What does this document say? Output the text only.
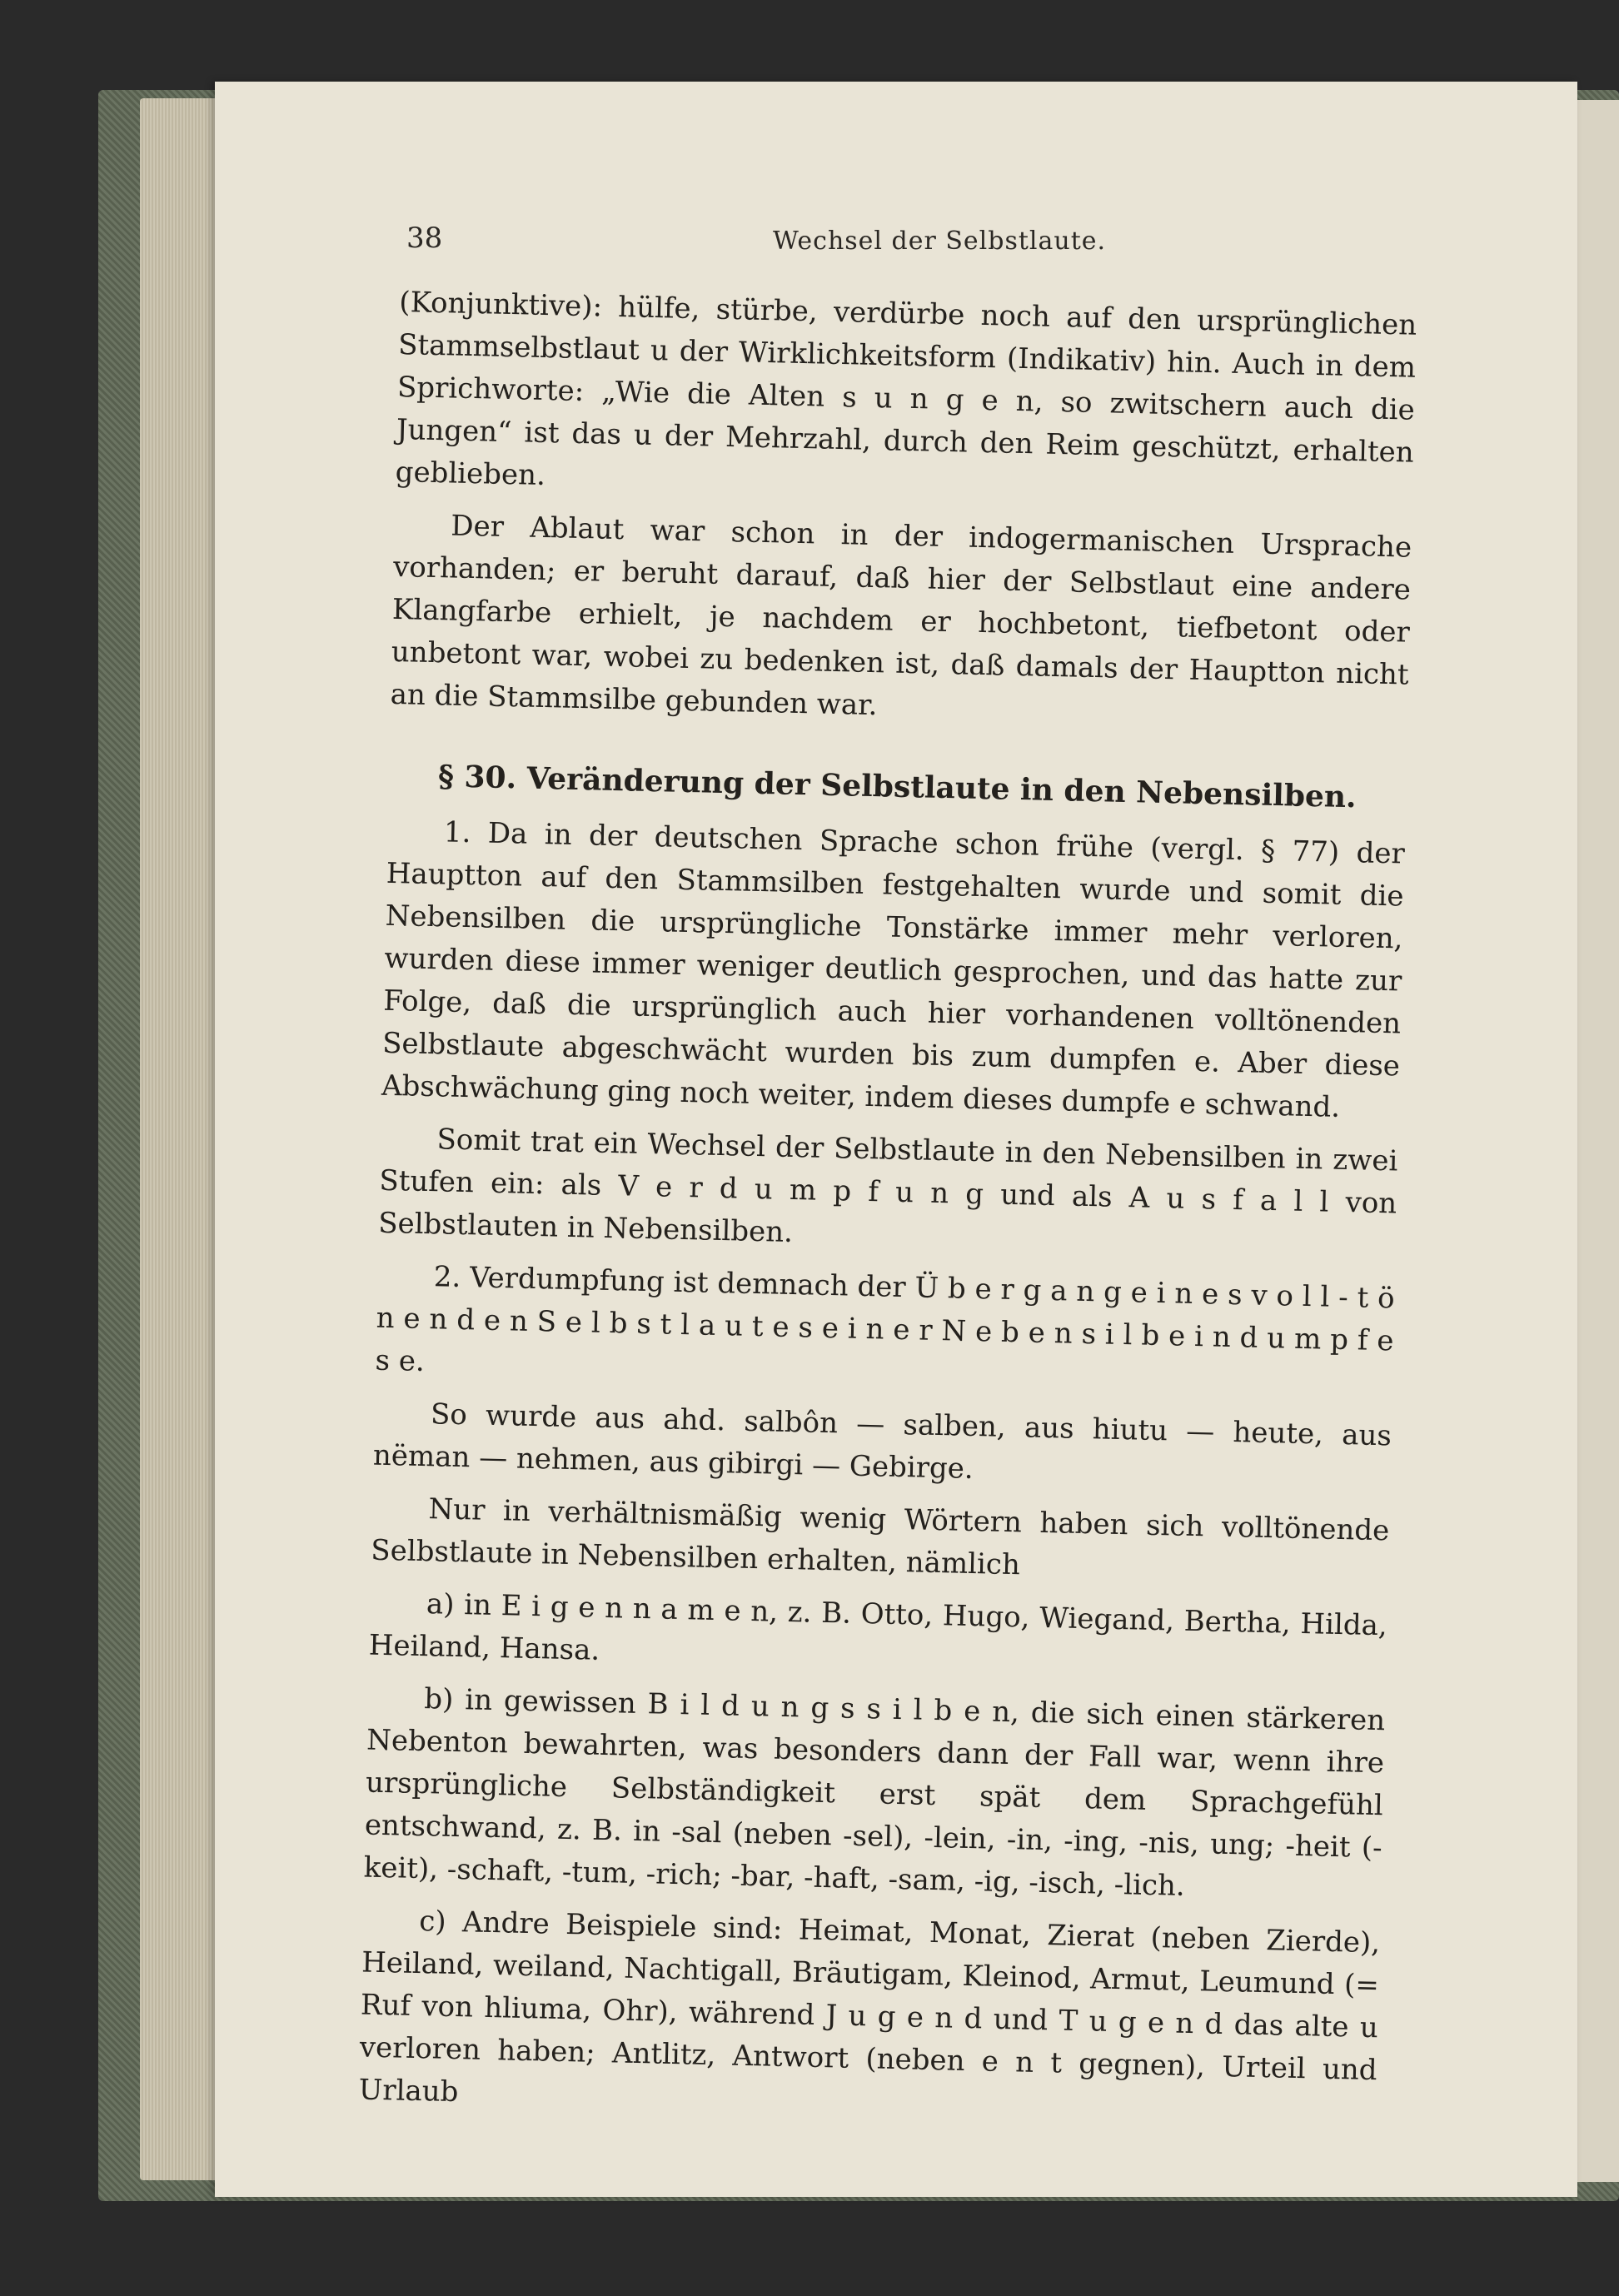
38	Wechsel der Selbstlaute.

(Konjunktive): hülfe, stürbe, verdürbe noch auf den ursprünglichen Stammselbstlaut u der Wirklichkeitsform (Indikativ) hin. Auch in dem Sprichworte: „Wie die Alten s u n g e n, so zwitschern auch die Jungen“ ist das u der Mehrzahl, durch den Reim geschützt, erhalten geblieben.

Der Ablaut war schon in der indogermanischen Ursprache vorhanden; er beruht darauf, daß hier der Selbstlaut eine andere Klangfarbe erhielt, je nachdem er hochbetont, tiefbetont oder unbetont war, wobei zu bedenken ist, daß damals der Hauptton nicht an die Stammsilbe gebunden war.

§ 30. Veränderung der Selbstlaute in den Nebensilben.

1. Da in der deutschen Sprache schon frühe (vergl. § 77) der Hauptton auf den Stammsilben festgehalten wurde und somit die Nebensilben die ursprüngliche Tonstärke immer mehr verloren, wurden diese immer weniger deutlich gesprochen, und das hatte zur Folge, daß die ursprünglich auch hier vorhandenen volltönenden Selbstlaute abgeschwächt wurden bis zum dumpfen e. Aber diese Abschwächung ging noch weiter, indem dieses dumpfe e schwand.

Somit trat ein Wechsel der Selbstlaute in den Nebensilben in zwei Stufen ein: als V e r d u m p f u n g und als A u s f a l l von Selbstlauten in Nebensilben.

2. Verdumpfung ist demnach der Ü b e r g a n g e i n e s v o l l - t ö n e n d e n S e l b s t l a u t e s e i n e r N e b e n s i l b e i n d u m p f e s e.

So wurde aus ahd. salbôn — salben, aus hiutu — heute, aus nëman — nehmen, aus gibirgi — Gebirge.

Nur in verhältnismäßig wenig Wörtern haben sich volltönende Selbstlaute in Nebensilben erhalten, nämlich

a) in E i g e n n a m e n, z. B. Otto, Hugo, Wiegand, Bertha, Hilda, Heiland, Hansa.

b) in gewissen B i l d u n g s s i l b e n, die sich einen stärkeren Nebenton bewahrten, was besonders dann der Fall war, wenn ihre ursprüngliche Selbständigkeit erst spät dem Sprachgefühl entschwand, z. B. in -sal (neben -sel), -lein, -in, -ing, -nis, ung; -heit (-keit), -schaft, -tum, -rich; -bar, -haft, -sam, -ig, -isch, -lich.

c) Andre Beispiele sind: Heimat, Monat, Zierat (neben Zierde), Heiland, weiland, Nachtigall, Bräutigam, Kleinod, Armut, Leumund (= Ruf von hliuma, Ohr), während J u g e n d und T u g e n d das alte u verloren haben; Antlitz, Antwort (neben e n t gegnen), Urteil und Urlaub
